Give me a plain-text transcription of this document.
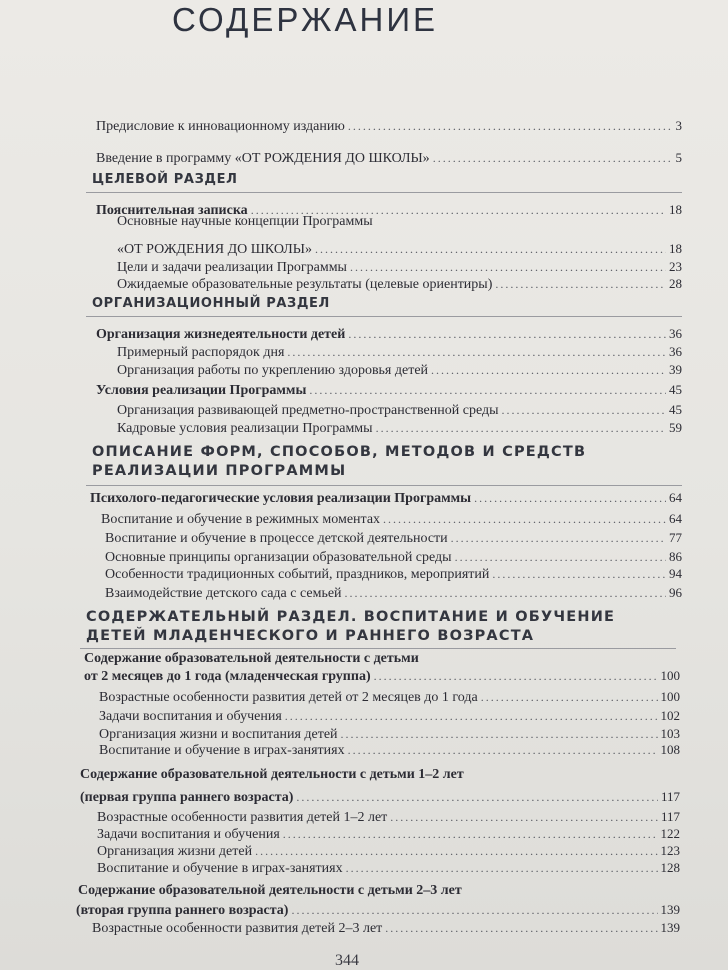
СОДЕРЖАНИЕ
Предисловие к инновационному изданию .....	3
Введение в программу «ОТ РОЖДЕНИЯ ДО ШКОЛЫ» .....	5
ЦЕЛЕВОЙ РАЗДЕЛ
Пояснительная записка .....	18
Основные научные концепции Программы
«ОТ РОЖДЕНИЯ ДО ШКОЛЫ» .....	18
Цели и задачи реализации Программы .....	23
Ожидаемые образовательные результаты (целевые ориентиры) .....	28
ОРГАНИЗАЦИОННЫЙ РАЗДЕЛ
Организация жизнедеятельности детей .....	36
Примерный распорядок дня .....	36
Организация работы по укреплению здоровья детей .....	39
Условия реализации Программы .....	45
Организация развивающей предметно-пространственной среды .....	45
Кадровые условия реализации Программы .....	59
ОПИСАНИЕ ФОРМ, СПОСОБОВ, МЕТОДОВ И СРЕДСТВ
РЕАЛИЗАЦИИ ПРОГРАММЫ
Психолого-педагогические условия реализации Программы .....	64
Воспитание и обучение в режимных моментах .....	64
Воспитание и обучение в процессе детской деятельности .....	77
Основные принципы организации образовательной среды .....	86
Особенности традиционных событий, праздников, мероприятий .....	94
Взаимодействие детского сада с семьей .....	96
СОДЕРЖАТЕЛЬНЫЙ РАЗДЕЛ. ВОСПИТАНИЕ И ОБУЧЕНИЕ
ДЕТЕЙ МЛАДЕНЧЕСКОГО И РАННЕГО ВОЗРАСТА
Содержание образовательной деятельности с детьми
от 2 месяцев до 1 года (младенческая группа) .....	100
Возрастные особенности развития детей от 2 месяцев до 1 года .....	100
Задачи воспитания и обучения .....	102
Организация жизни и воспитания детей .....	103
Воспитание и обучение в играх-занятиях .....	108
Содержание образовательной деятельности с детьми 1–2 лет
(первая группа раннего возраста) .....	117
Возрастные особенности развития детей 1–2 лет .....	117
Задачи воспитания и обучения .....	122
Организация жизни детей .....	123
Воспитание и обучение в играх-занятиях .....	128
Содержание образовательной деятельности с детьми 2–3 лет
(вторая группа раннего возраста) .....	139
Возрастные особенности развития детей 2–3 лет .....	139
344
